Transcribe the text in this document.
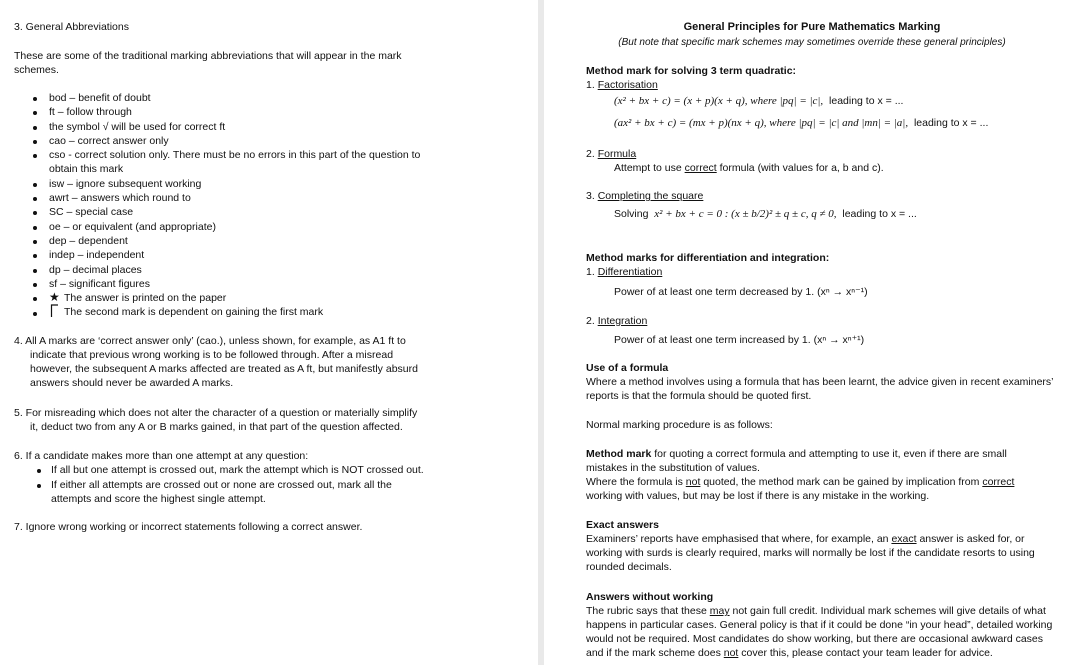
3. General Abbreviations
These are some of the traditional marking abbreviations that will appear in the mark
schemes.
bod – benefit of doubt
ft – follow through
the symbol √ will be used for correct ft
cao – correct answer only
cso - correct solution only. There must be no errors in this part of the question to
obtain this mark
isw – ignore subsequent working
awrt – answers which round to
SC – special case
oe – or equivalent (and appropriate)
dep – dependent
indep – independent
dp – decimal places
sf – significant figures
★ The answer is printed on the paper
The second mark is dependent on gaining the first mark
4. All A marks are ‘correct answer only’ (cao.), unless shown, for example, as A1 ft to
indicate that previous wrong working is to be followed through. After a misread
however, the subsequent A marks affected are treated as A ft, but manifestly absurd
answers should never be awarded A marks.
5. For misreading which does not alter the character of a question or materially simplify
it, deduct two from any A or B marks gained, in that part of the question affected.
6. If a candidate makes more than one attempt at any question:
If all but one attempt is crossed out, mark the attempt which is NOT crossed out.
If either all attempts are crossed out or none are crossed out, mark all the
attempts and score the highest single attempt.
7. Ignore wrong working or incorrect statements following a correct answer.
General Principles for Pure Mathematics Marking
(But note that specific mark schemes may sometimes override these general principles)
Method mark for solving 3 term quadratic:
1. Factorisation
(x² + bx + c) = (x + p)(x + q), where |pq| = |c|, leading to x = ...
(ax² + bx + c) = (mx + p)(nx + q), where |pq| = |c| and |mn| = |a|, leading to x = ...
2. Formula
Attempt to use correct formula (with values for a, b and c).
3. Completing the square
Solving x² + bx + c = 0 : (x ± b/2)² ± q ± c, q ≠ 0, leading to x = ...
Method marks for differentiation and integration:
1. Differentiation
Power of at least one term decreased by 1. (xⁿ → xⁿ⁻¹)
2. Integration
Power of at least one term increased by 1. (xⁿ → xⁿ⁺¹)
Use of a formula
Where a method involves using a formula that has been learnt, the advice given in recent examiners’
reports is that the formula should be quoted first.
Normal marking procedure is as follows:
Method mark for quoting a correct formula and attempting to use it, even if there are small
mistakes in the substitution of values.
Where the formula is not quoted, the method mark can be gained by implication from correct
working with values, but may be lost if there is any mistake in the working.
Exact answers
Examiners’ reports have emphasised that where, for example, an exact answer is asked for, or
working with surds is clearly required, marks will normally be lost if the candidate resorts to using
rounded decimals.
Answers without working
The rubric says that these may not gain full credit. Individual mark schemes will give details of what
happens in particular cases. General policy is that if it could be done “in your head”, detailed working
would not be required. Most candidates do show working, but there are occasional awkward cases
and if the mark scheme does not cover this, please contact your team leader for advice.
